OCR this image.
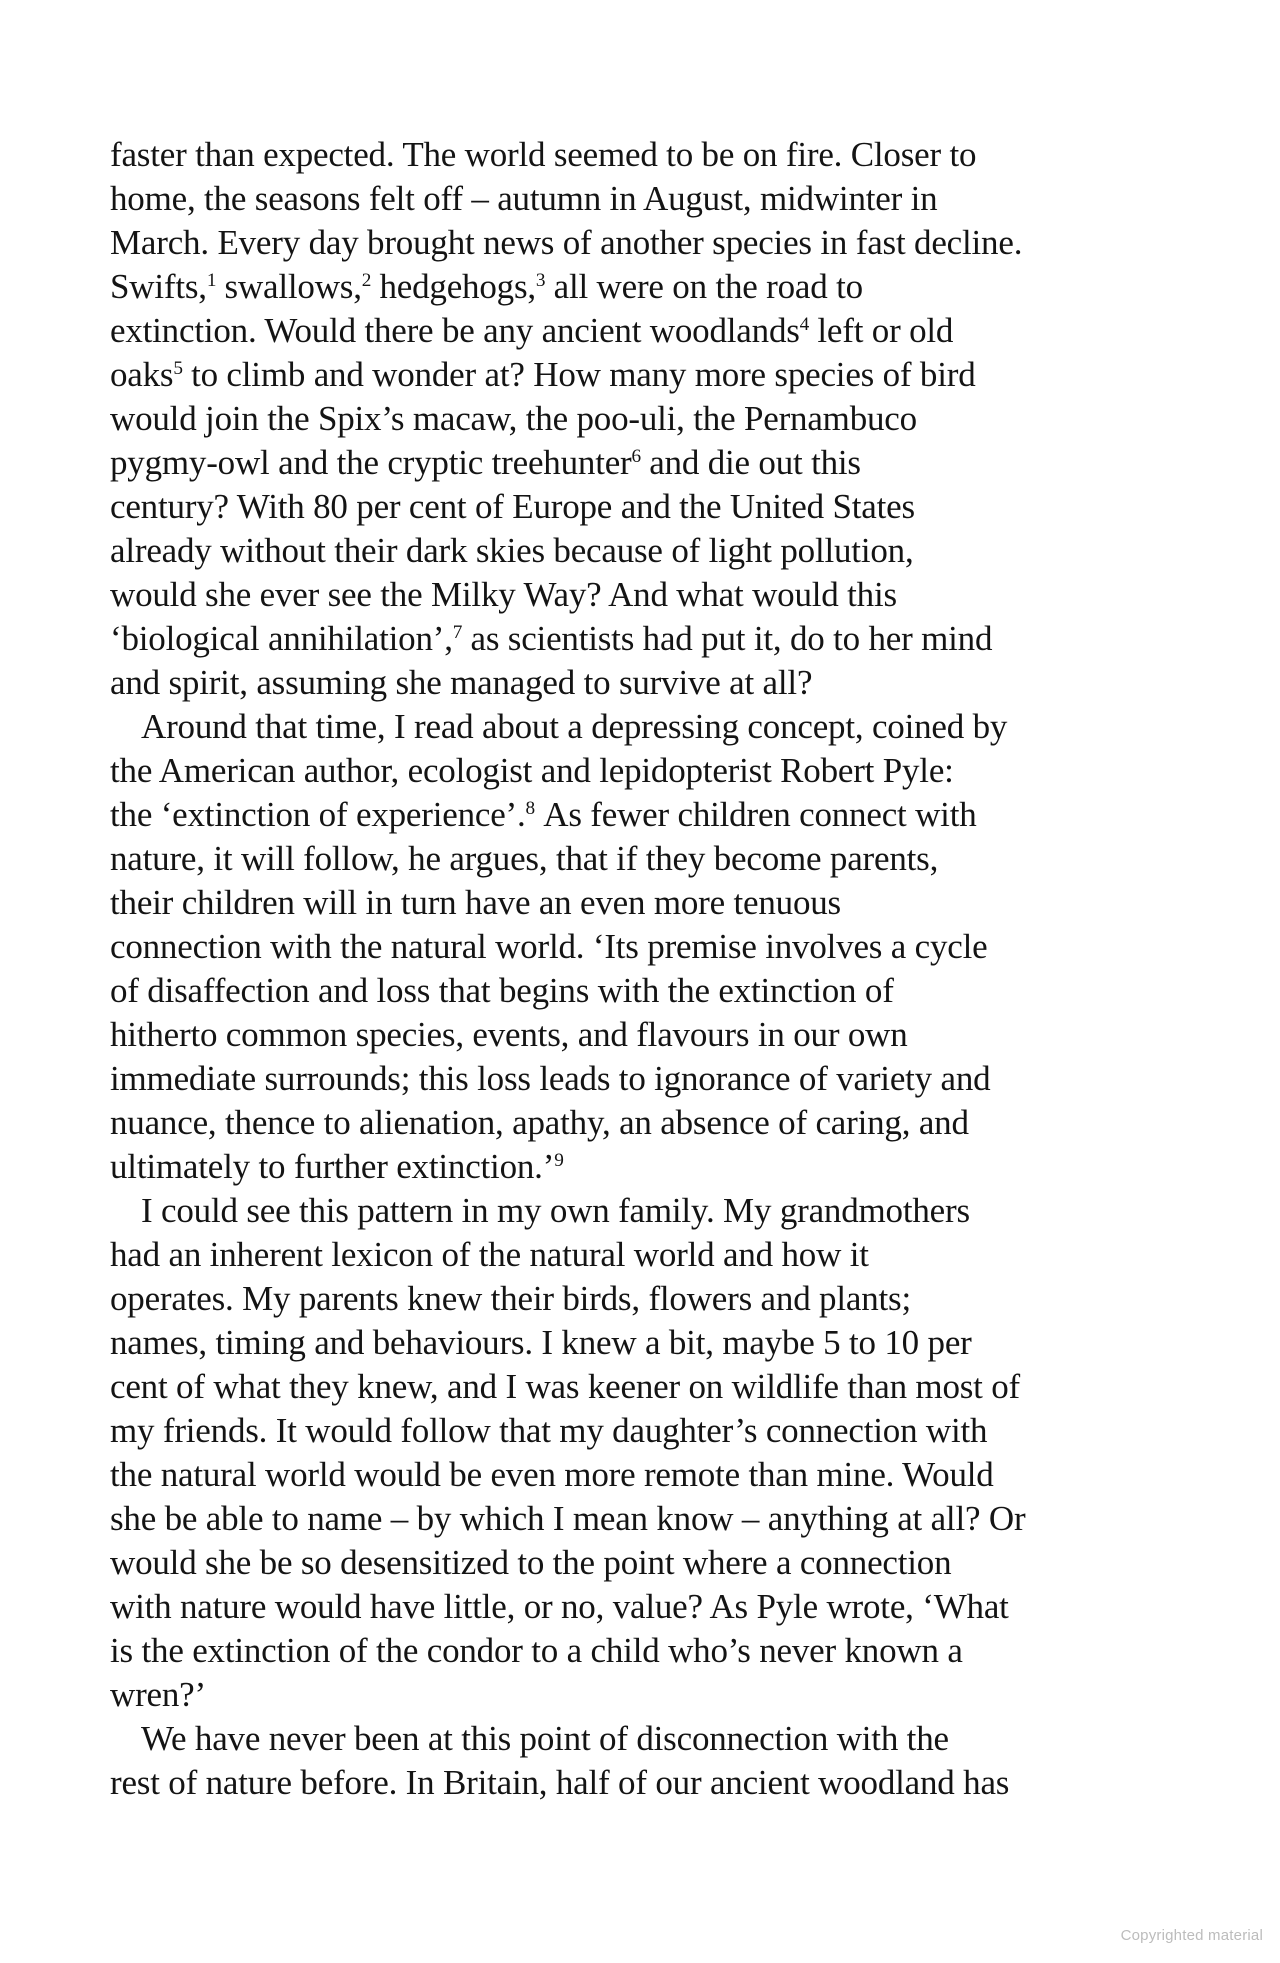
faster than expected. The world seemed to be on fire. Closer to
home, the seasons felt off – autumn in August, midwinter in
March. Every day brought news of another species in fast decline.
Swifts,$^1$ swallows,$^2$ hedgehogs,$^3$ all were on the road to
extinction. Would there be any ancient woodlands$^4$ left or old
oaks$^5$ to climb and wonder at? How many more species of bird
would join the Spix’s macaw, the poo-uli, the Pernambuco
pygmy-owl and the cryptic treehunter$^6$ and die out this
century? With 80 per cent of Europe and the United States
already without their dark skies because of light pollution,
would she ever see the Milky Way? And what would this
‘biological annihilation’,$^7$ as scientists had put it, do to her mind
and spirit, assuming she managed to survive at all?
Around that time, I read about a depressing concept, coined by
the American author, ecologist and lepidopterist Robert Pyle:
the ‘extinction of experience’.$^8$ As fewer children connect with
nature, it will follow, he argues, that if they become parents,
their children will in turn have an even more tenuous
connection with the natural world. ‘Its premise involves a cycle
of disaffection and loss that begins with the extinction of
hitherto common species, events, and flavours in our own
immediate surrounds; this loss leads to ignorance of variety and
nuance, thence to alienation, apathy, an absence of caring, and
ultimately to further extinction.’$^9$
I could see this pattern in my own family. My grandmothers
had an inherent lexicon of the natural world and how it
operates. My parents knew their birds, flowers and plants;
names, timing and behaviours. I knew a bit, maybe 5 to 10 per
cent of what they knew, and I was keener on wildlife than most of
my friends. It would follow that my daughter’s connection with
the natural world would be even more remote than mine. Would
she be able to name – by which I mean know – anything at all? Or
would she be so desensitized to the point where a connection
with nature would have little, or no, value? As Pyle wrote, ‘What
is the extinction of the condor to a child who’s never known a
wren?’
We have never been at this point of disconnection with the
rest of nature before. In Britain, half of our ancient woodland has
Copyrighted material
